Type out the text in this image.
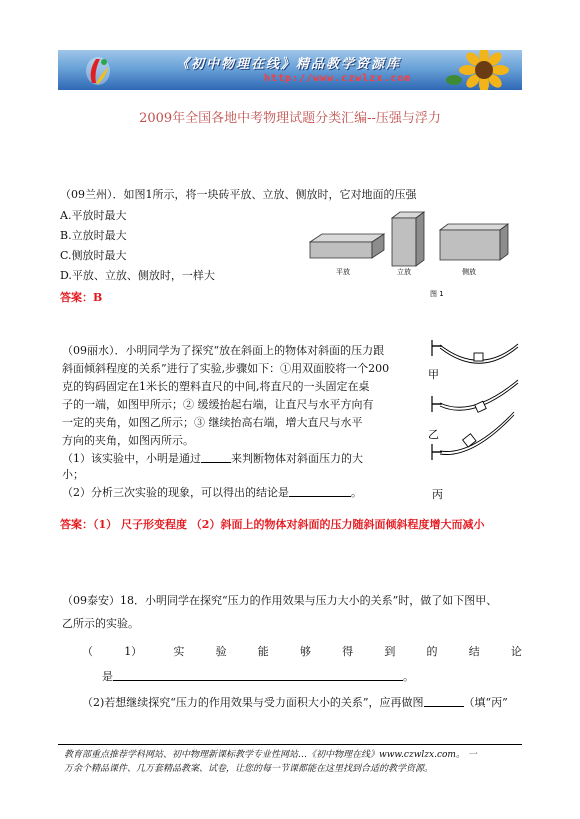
《初中物理在线》精品教学资源库
http://www.czwlzx.com
2009年全国各地中考物理试题分类汇编--压强与浮力
（09兰州）．如图1所示，将一块砖平放、立放、侧放时，它对地面的压强
A.平放时最大
B.立放时最大
C.侧放时最大
D.平放、立放、侧放时，一样大
答案：B
平放	立放	侧放
图 1
（09丽水）．小明同学为了探究“放在斜面上的物体对斜面的压力跟
斜面倾斜程度的关系”进行了实验,步骤如下：①用双面胶将一个200
克的钩码固定在1米长的塑料直尺的中间,将直尺的一头固定在桌
子的一端，如图甲所示；② 缓缓抬起右端，让直尺与水平方向有
一定的夹角，如图乙所示；③ 继续抬高右端，增大直尺与水平
方向的夹角，如图丙所示。
（1）该实验中，小明是通过	来判断物体对斜面压力的大
小；
（2）分析三次实验的现象，可以得出的结论是	。
答案：（1） 尺子形变程度 （2）斜面上的物体对斜面的压力随斜面倾斜程度增大而减小
甲
乙
丙
（09泰安）18．小明同学在探究“压力的作用效果与压力大小的关系”时，做了如下图甲、
乙所示的实验。
（	1）	实	验	能	够	得	到	的	结	论
是	。
（2)若想继续探究“压力的作用效果与受力面积大小的关系”，应再做图	（填“丙”
教育部重点推荐学科网站、初中物理新课标教学专业性网站…《初中物理在线》www.czwlzx.com。 一
万余个精品课件、几万套精品教案、试卷，让您的每一节课都能在这里找到合适的教学资源。
